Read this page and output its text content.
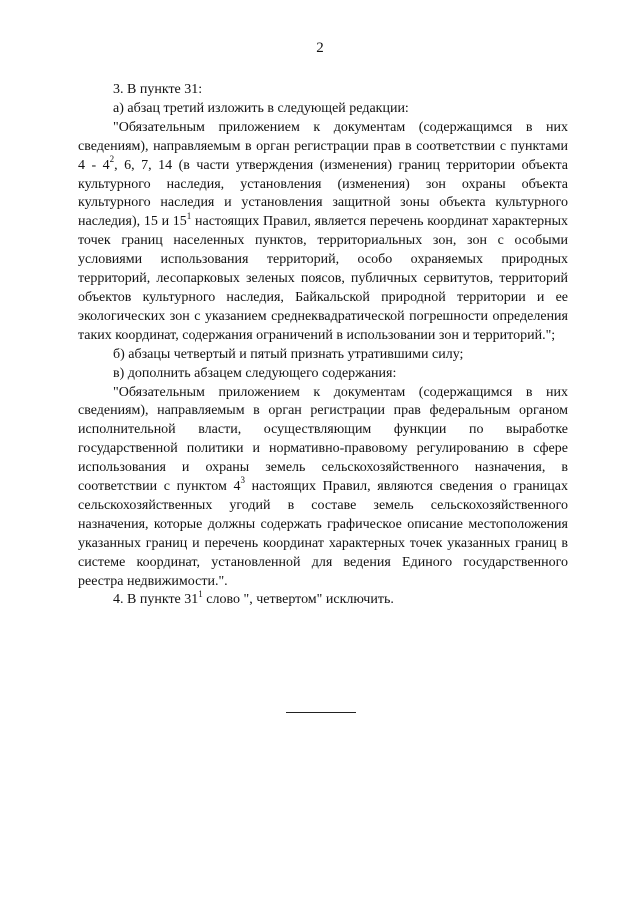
2

3. В пункте 31:

а) абзац третий изложить в следующей редакции:

"Обязательным приложением к документам (содержащимся в них сведениям), направляемым в орган регистрации прав в соответствии с пунктами $4 - 4^2$, 6, 7, 14 (в части утверждения (изменения) границ территории объекта культурного наследия, установления (изменения) зон охраны объекта культурного наследия и установления защитной зоны объекта культурного наследия), 15 и $15^1$ настоящих Правил, является перечень координат характерных точек границ населенных пунктов, территориальных зон, зон с особыми условиями использования территорий, особо охраняемых природных территорий, лесопарковых зеленых поясов, публичных сервитутов, территорий объектов культурного наследия, Байкальской природной территории и ее экологических зон с указанием среднеквадратической погрешности определения таких координат, содержания ограничений в использовании зон и территорий.";

б) абзацы четвертый и пятый признать утратившими силу;

в) дополнить абзацем следующего содержания:

"Обязательным приложением к документам (содержащимся в них сведениям), направляемым в орган регистрации прав федеральным органом исполнительной власти, осуществляющим функции по выработке государственной политики и нормативно-правовому регулированию в сфере использования и охраны земель сельскохозяйственного назначения, в соответствии с пунктом $4^3$ настоящих Правил, являются сведения о границах сельскохозяйственных угодий в составе земель сельскохозяйственного назначения, которые должны содержать графическое описание местоположения указанных границ и перечень координат характерных точек указанных границ в системе координат, установленной для ведения Единого государственного реестра недвижимости.".

4. В пункте $31^1$ слово ", четвертом" исключить.
